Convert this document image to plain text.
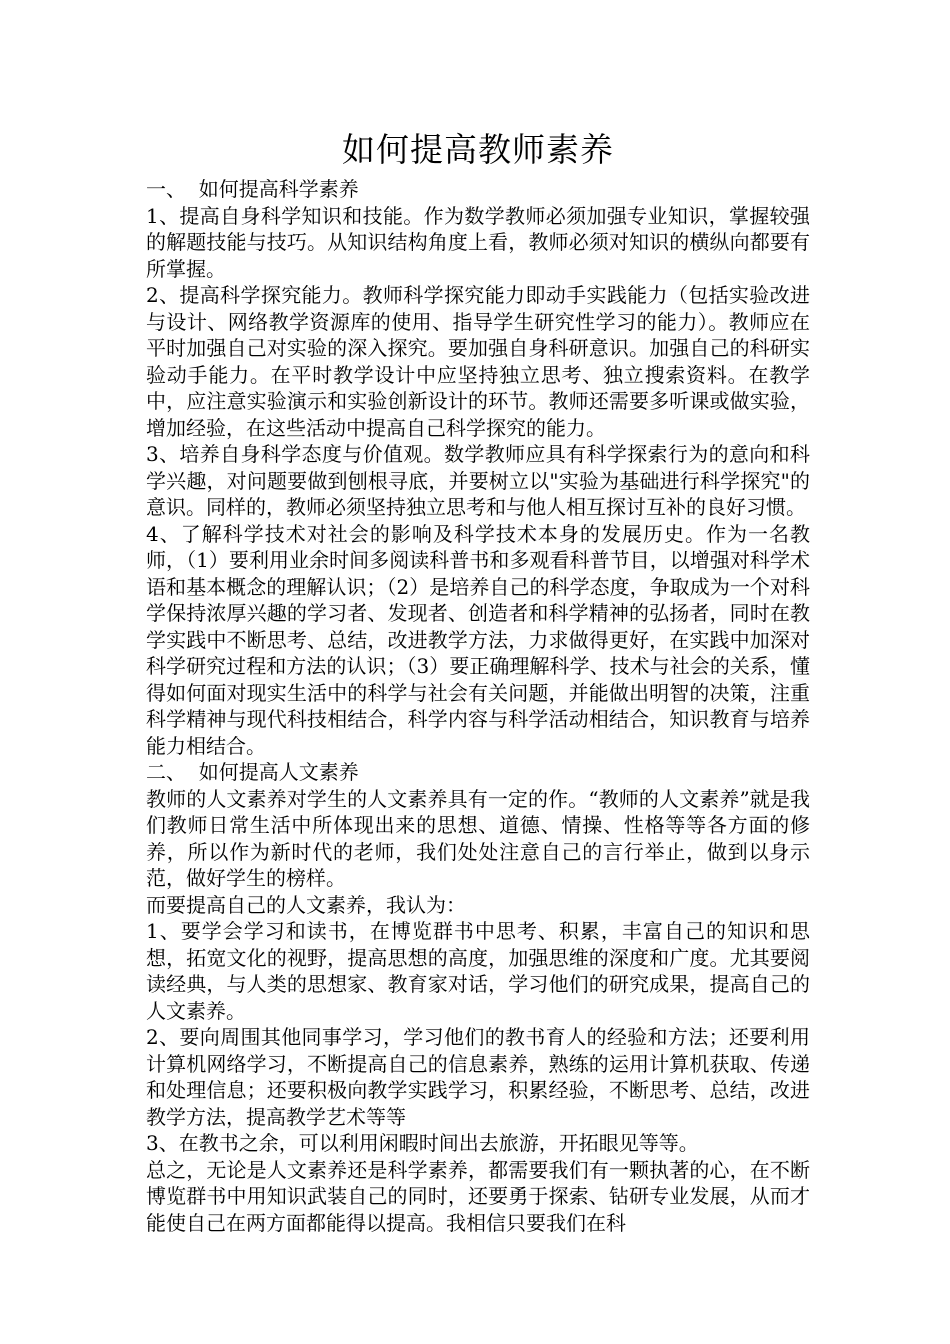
如何提高教师素养
一、  如何提高科学素养

1、提高自身科学知识和技能。作为数学教师必须加强专业知识，掌握较强的解题技能与技巧。从知识结构角度上看，教师必须对知识的横纵向都要有所掌握。

2、提高科学探究能力。教师科学探究能力即动手实践能力（包括实验改进与设计、网络教学资源库的使用、指导学生研究性学习的能力）。教师应在平时加强自己对实验的深入探究。要加强自身科研意识。加强自己的科研实验动手能力。在平时教学设计中应坚持独立思考、独立搜索资料。在教学中，应注意实验演示和实验创新设计的环节。教师还需要多听课或做实验，增加经验，在这些活动中提高自己科学探究的能力。

3、培养自身科学态度与价值观。数学教师应具有科学探索行为的意向和科学兴趣，对问题要做到刨根寻底，并要树立以"实验为基础进行科学探究"的意识。同样的，教师必须坚持独立思考和与他人相互探讨互补的良好习惯。

4、了解科学技术对社会的影响及科学技术本身的发展历史。作为一名教师，（1）要利用业余时间多阅读科普书和多观看科普节目，以增强对科学术语和基本概念的理解认识；（2）是培养自己的科学态度，争取成为一个对科学保持浓厚兴趣的学习者、发现者、创造者和科学精神的弘扬者，同时在教学实践中不断思考、总结，改进教学方法，力求做得更好，在实践中加深对科学研究过程和方法的认识；（3）要正确理解科学、技术与社会的关系，懂得如何面对现实生活中的科学与社会有关问题，并能做出明智的决策，注重科学精神与现代科技相结合，科学内容与科学活动相结合，知识教育与培养能力相结合。

二、  如何提高人文素养

教师的人文素养对学生的人文素养具有一定的作。“教师的人文素养”就是我们教师日常生活中所体现出来的思想、道德、情操、性格等等各方面的修养，所以作为新时代的老师，我们处处注意自己的言行举止，做到以身示范，做好学生的榜样。

而要提高自己的人文素养，我认为：

1、要学会学习和读书，在博览群书中思考、积累，丰富自己的知识和思想，拓宽文化的视野，提高思想的高度，加强思维的深度和广度。尤其要阅读经典，与人类的思想家、教育家对话，学习他们的研究成果，提高自己的人文素养。

2、要向周围其他同事学习，学习他们的教书育人的经验和方法；还要利用计算机网络学习，不断提高自己的信息素养，熟练的运用计算机获取、传递和处理信息；还要积极向教学实践学习，积累经验，不断思考、总结，改进教学方法，提高教学艺术等等

3、在教书之余，可以利用闲暇时间出去旅游，开拓眼见等等。

总之，无论是人文素养还是科学素养，都需要我们有一颗执著的心，在不断博览群书中用知识武装自己的同时，还要勇于探索、钻研专业发展，从而才能使自己在两方面都能得以提高。我相信只要我们在科
